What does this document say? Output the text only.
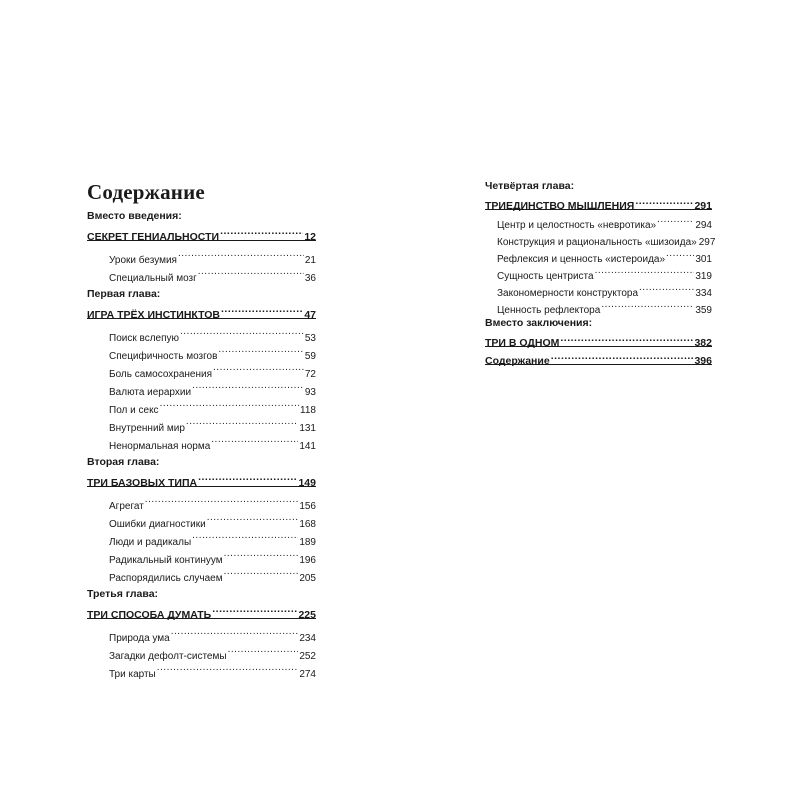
Содержание
Вместо введения:
СЕКРЕТ ГЕНИАЛЬНОСТИ .....	12
Уроки безумия .....	21
Специальный мозг .....	36
Первая глава:
ИГРА ТРЁХ ИНСТИНКТОВ .....	47
Поиск вслепую .....	53
Специфичность мозгов .....	59
Боль самосохранения .....	72
Валюта иерархии .....	93
Пол и секс .....	118
Внутренний мир .....	131
Ненормальная норма .....	141
Вторая глава:
ТРИ БАЗОВЫХ ТИПА .....	149
Агрегат .....	156
Ошибки диагностики .....	168
Люди и радикалы .....	189
Радикальный континуум .....	196
Распорядились случаем .....	205
Третья глава:
ТРИ СПОСОБА ДУМАТЬ .....	225
Природа ума .....	234
Загадки дефолт-системы .....	252
Три карты .....	274
Четвёртая глава:
ТРИЕДИНСТВО МЫШЛЕНИЯ .....	291
Центр и целостность «невротика» .....	294
Конструкция и рациональность «шизоида» 297
Рефлексия и ценность «истероида» .....	301
Сущность центриста .....	319
Закономерности конструктора .....	334
Ценность рефлектора .....	359
Вместо заключения:
ТРИ В ОДНОМ .....	382
Содержание .....	396
